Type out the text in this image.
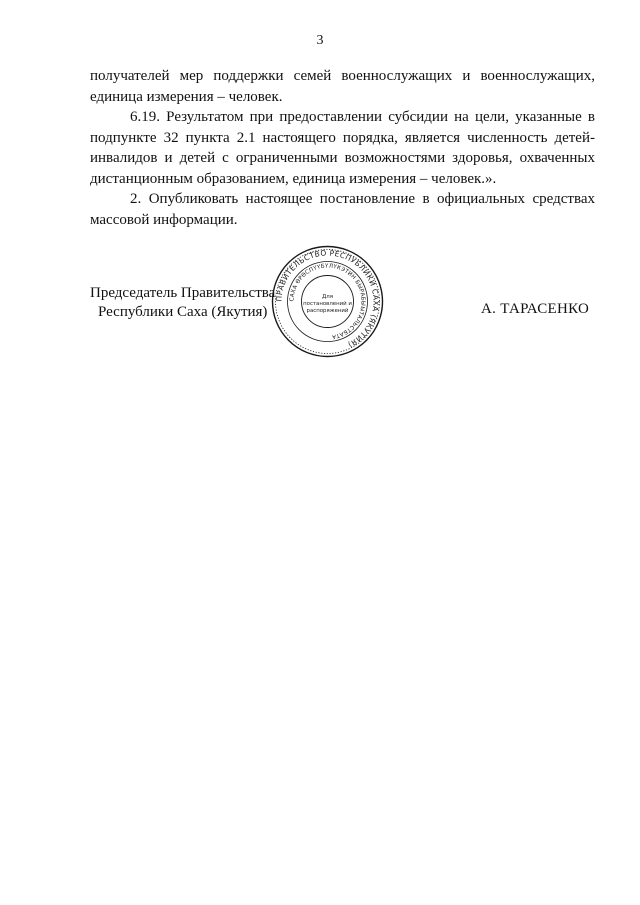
3

получателей мер поддержки семей военнослужащих и военнослужащих, единица измерения – человек.

6.19. Результатом при предоставлении субсидии на цели, указанные в подпункте 32 пункта 2.1 настоящего порядка, является численность детей-инвалидов и детей с ограниченными возможностями здоровья, охваченных дистанционным образованием, единица измерения – человек.».

2. Опубликовать настоящее постановление в официальных средствах массовой информации.

Председатель Правительства
Республики Саха (Якутия)
ПРАВИТЕЛЬСТВО РЕСПУБЛИКИ САХА (ЯКУТИЯ)
САХА ӨРӨСПҮҮБҮЛҮКЭТИН БЫРАБЫЫТАЛЬСТБАТА
Для
постановлений и
распоряжений	А. ТАРАСЕНКО
